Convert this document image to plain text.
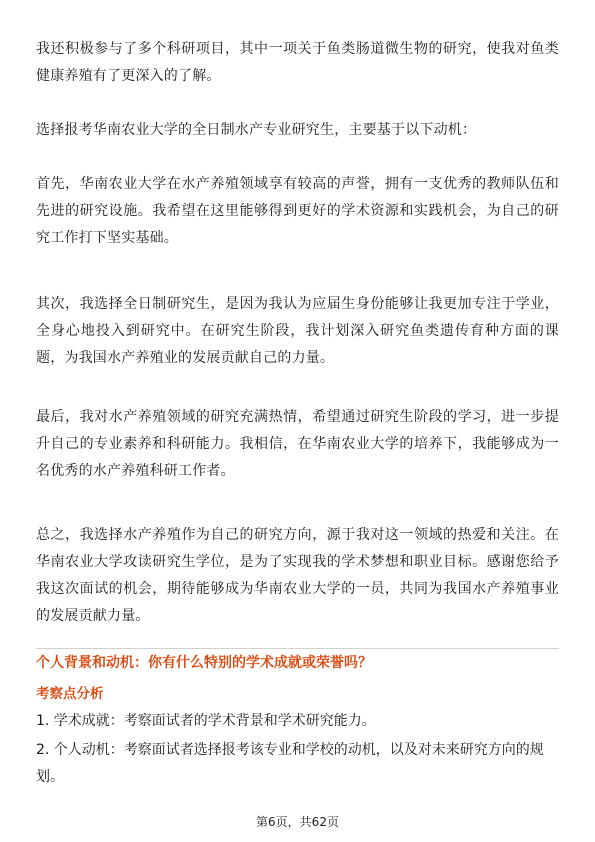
我还积极参与了多个科研项目，其中一项关于鱼类肠道微生物的研究，使我对鱼类健康养殖有了更深入的了解。

选择报考华南农业大学的全日制水产专业研究生，主要基于以下动机：

首先，华南农业大学在水产养殖领域享有较高的声誉，拥有一支优秀的教师队伍和先进的研究设施。我希望在这里能够得到更好的学术资源和实践机会，为自己的研究工作打下坚实基础。

其次，我选择全日制研究生，是因为我认为应届生身份能够让我更加专注于学业，全身心地投入到研究中。在研究生阶段，我计划深入研究鱼类遗传育种方面的课题，为我国水产养殖业的发展贡献自己的力量。

最后，我对水产养殖领域的研究充满热情，希望通过研究生阶段的学习，进一步提升自己的专业素养和科研能力。我相信，在华南农业大学的培养下，我能够成为一名优秀的水产养殖科研工作者。

总之，我选择水产养殖作为自己的研究方向，源于我对这一领域的热爱和关注。在华南农业大学攻读研究生学位，是为了实现我的学术梦想和职业目标。感谢您给予我这次面试的机会，期待能够成为华南农业大学的一员，共同为我国水产养殖事业的发展贡献力量。

个人背景和动机：你有什么特别的学术成就或荣誉吗？

考察点分析

1. 学术成就：考察面试者的学术背景和学术研究能力。

2. 个人动机：考察面试者选择报考该专业和学校的动机，以及对未来研究方向的规划。

第6页，共62页
